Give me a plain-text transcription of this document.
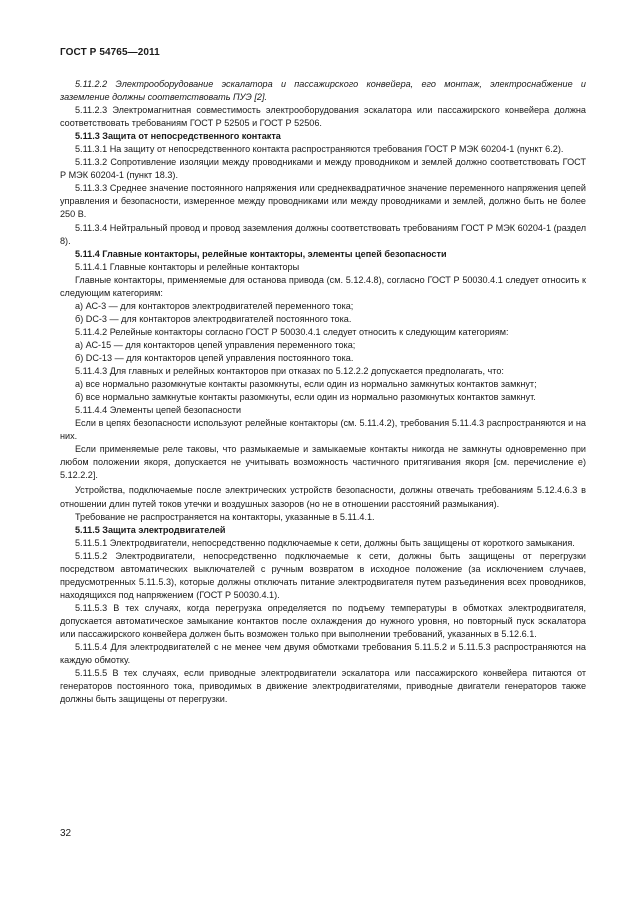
ГОСТ Р 54765—2011

5.11.2.2 Электрооборудование эскалатора и пассажирского конвейера, его монтаж, электроснабжение и заземление должны соответствовать ПУЭ [2].

5.11.2.3 Электромагнитная совместимость электрооборудования эскалатора или пассажирского конвейера должна соответствовать требованиям ГОСТ Р 52505 и ГОСТ Р 52506.

5.11.3 Защита от непосредственного контакта

5.11.3.1 На защиту от непосредственного контакта распространяются требования ГОСТ Р МЭК 60204-1 (пункт 6.2).

5.11.3.2 Сопротивление изоляции между проводниками и между проводником и землей должно соответствовать ГОСТ Р МЭК 60204-1 (пункт 18.3).

5.11.3.3 Среднее значение постоянного напряжения или среднеквадратичное значение переменного напряжения цепей управления и безопасности, измеренное между проводниками или между проводниками и землей, должно быть не более 250 В.

5.11.3.4 Нейтральный провод и провод заземления должны соответствовать требованиям ГОСТ Р МЭК 60204-1 (раздел 8).

5.11.4 Главные контакторы, релейные контакторы, элементы цепей безопасности

5.11.4.1 Главные контакторы и релейные контакторы

Главные контакторы, применяемые для останова привода (см. 5.12.4.8), согласно ГОСТ Р 50030.4.1 следует относить к следующим категориям:

а) АС-3 — для контакторов электродвигателей переменного тока;

б) DC-3 — для контакторов электродвигателей постоянного тока.

5.11.4.2 Релейные контакторы согласно ГОСТ Р 50030.4.1 следует относить к следующим категориям:

а) АС-15 — для контакторов цепей управления переменного тока;

б) DC-13 — для контакторов цепей управления постоянного тока.

5.11.4.3 Для главных и релейных контакторов при отказах по 5.12.2.2 допускается предполагать, что:

а) все нормально разомкнутые контакты разомкнуты, если один из нормально замкнутых контактов замкнут;

б) все нормально замкнутые контакты разомкнуты, если один из нормально разомкнутых контактов замкнут.

5.11.4.4 Элементы цепей безопасности

Если в цепях безопасности используют релейные контакторы (см. 5.11.4.2), требования 5.11.4.3 распространяются и на них.

Если применяемые реле таковы, что размыкаемые и замыкаемые контакты никогда не замкнуты одновременно при любом положении якоря, допускается не учитывать возможность частичного притягивания якоря [см. перечисление е) 5.12.2.2].

Устройства, подключаемые после электрических устройств безопасности, должны отвечать требованиям 5.12.4.6.3 в отношении длин путей токов утечки и воздушных зазоров (но не в отношении расстояний размыкания).

Требование не распространяется на контакторы, указанные в 5.11.4.1.

5.11.5 Защита электродвигателей

5.11.5.1 Электродвигатели, непосредственно подключаемые к сети, должны быть защищены от короткого замыкания.

5.11.5.2 Электродвигатели, непосредственно подключаемые к сети, должны быть защищены от перегрузки посредством автоматических выключателей с ручным возвратом в исходное положение (за исключением случаев, предусмотренных 5.11.5.3), которые должны отключать питание электродвигателя путем разъединения всех проводников, находящихся под напряжением (ГОСТ Р 50030.4.1).

5.11.5.3 В тех случаях, когда перегрузка определяется по подъему температуры в обмотках электродвигателя, допускается автоматическое замыкание контактов после охлаждения до нужного уровня, но повторный пуск эскалатора или пассажирского конвейера должен быть возможен только при выполнении требований, указанных в 5.12.6.1.

5.11.5.4 Для электродвигателей с не менее чем двумя обмотками требования 5.11.5.2 и 5.11.5.3 распространяются на каждую обмотку.

5.11.5.5 В тех случаях, если приводные электродвигатели эскалатора или пассажирского конвейера питаются от генераторов постоянного тока, приводимых в движение электродвигателями, приводные двигатели генераторов также должны быть защищены от перегрузки.

32
